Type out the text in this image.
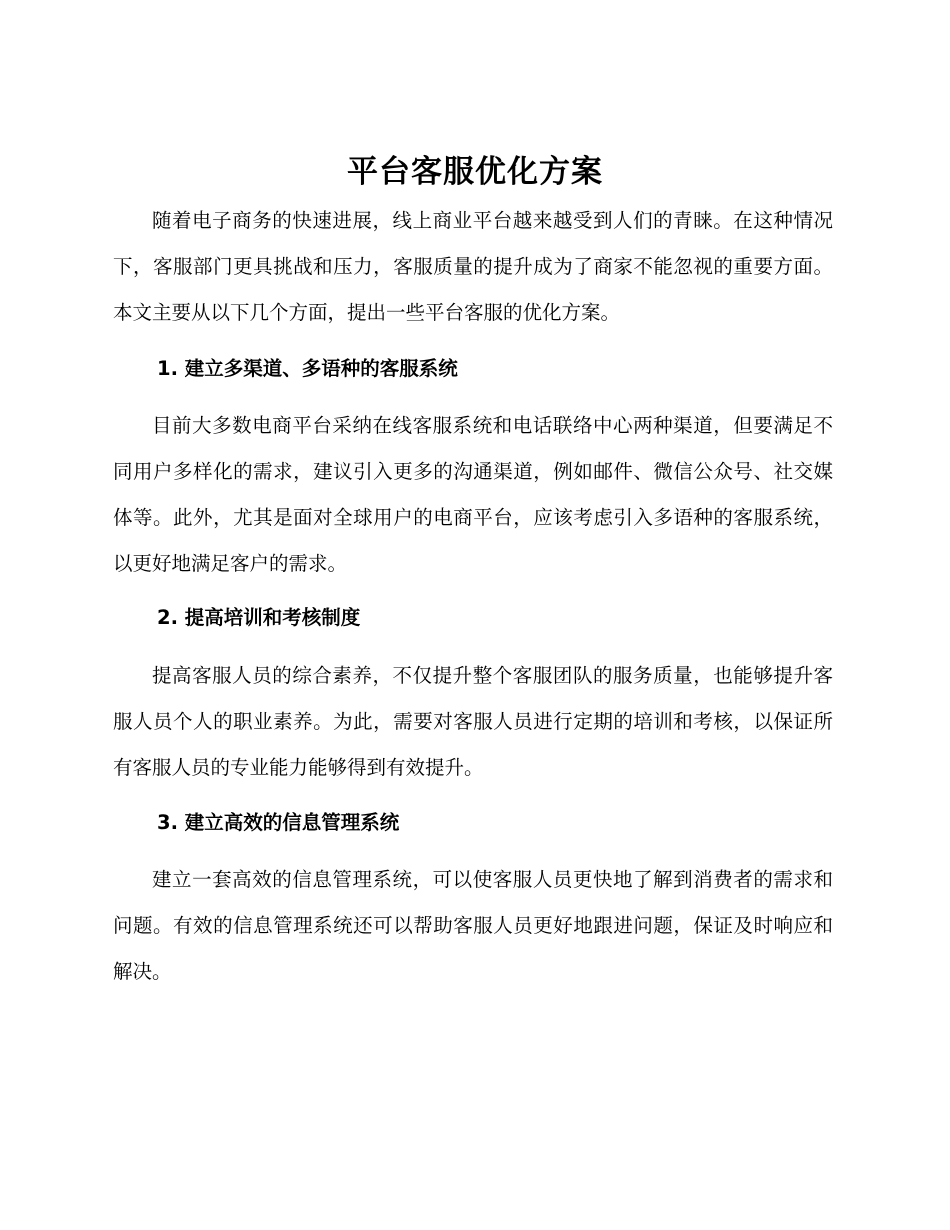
平台客服优化方案

随着电子商务的快速进展，线上商业平台越来越受到人们的青睐。在这种情况下，客服部门更具挑战和压力，客服质量的提升成为了商家不能忽视的重要方面。本文主要从以下几个方面，提出一些平台客服的优化方案。

1. 建立多渠道、多语种的客服系统

目前大多数电商平台采纳在线客服系统和电话联络中心两种渠道，但要满足不同用户多样化的需求，建议引入更多的沟通渠道，例如邮件、微信公众号、社交媒体等。此外，尤其是面对全球用户的电商平台，应该考虑引入多语种的客服系统，以更好地满足客户的需求。

2. 提高培训和考核制度

提高客服人员的综合素养，不仅提升整个客服团队的服务质量，也能够提升客服人员个人的职业素养。为此，需要对客服人员进行定期的培训和考核，以保证所有客服人员的专业能力能够得到有效提升。

3. 建立高效的信息管理系统

建立一套高效的信息管理系统，可以使客服人员更快地了解到消费者的需求和问题。有效的信息管理系统还可以帮助客服人员更好地跟进问题，保证及时响应和解决。
